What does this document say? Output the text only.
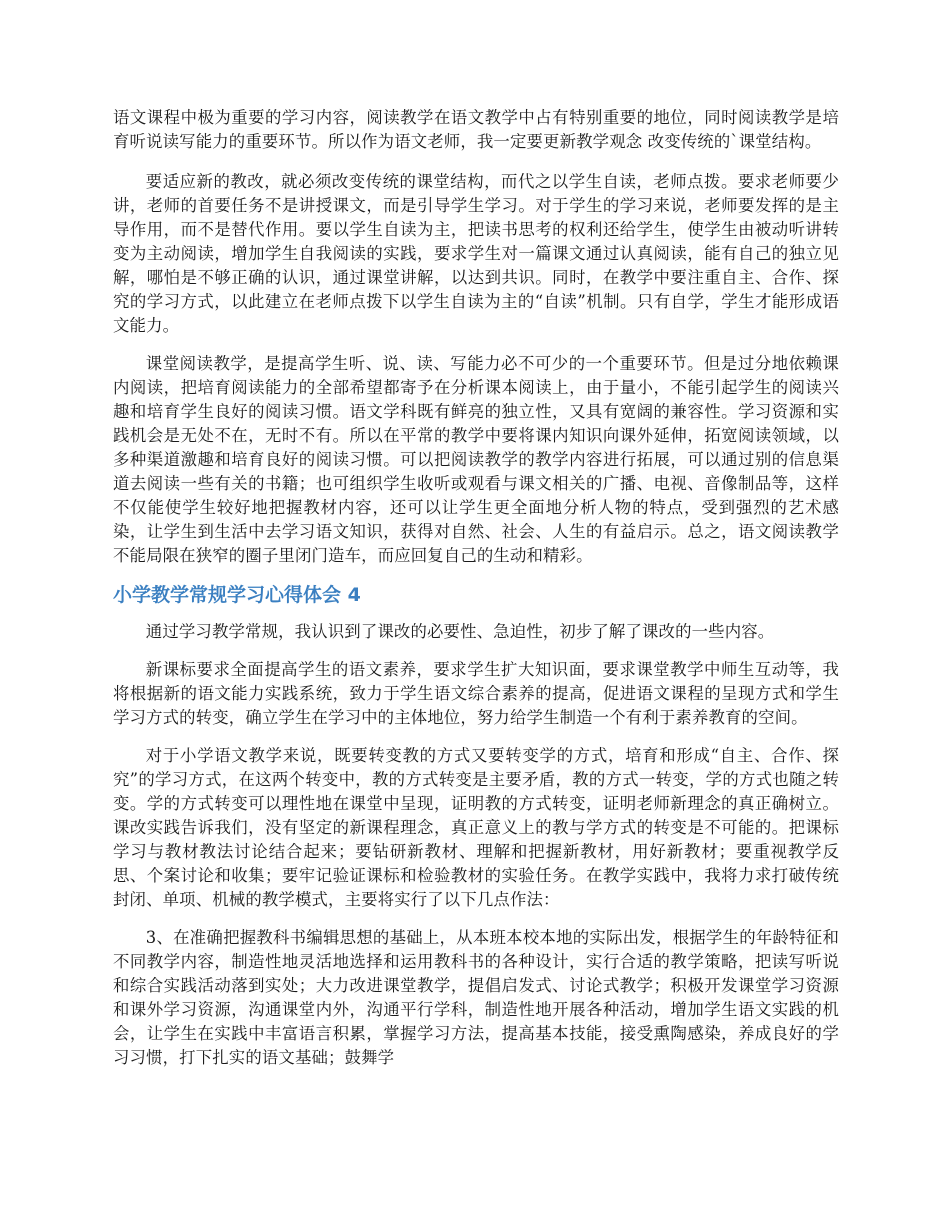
语文课程中极为重要的学习内容，阅读教学在语文教学中占有特别重要的地位，同时阅读教学是培育听说读写能力的重要环节。所以作为语文老师，我一定要更新教学观念 改变传统的`课堂结构。

要适应新的教改，就必须改变传统的课堂结构，而代之以学生自读，老师点拨。要求老师要少讲，老师的首要任务不是讲授课文，而是引导学生学习。对于学生的学习来说，老师要发挥的是主导作用，而不是替代作用。要以学生自读为主，把读书思考的权利还给学生，使学生由被动听讲转变为主动阅读，增加学生自我阅读的实践，要求学生对一篇课文通过认真阅读，能有自己的独立见解，哪怕是不够正确的认识，通过课堂讲解，以达到共识。同时，在教学中要注重自主、合作、探究的学习方式，以此建立在老师点拨下以学生自读为主的“自读”机制。只有自学，学生才能形成语文能力。

课堂阅读教学，是提高学生听、说、读、写能力必不可少的一个重要环节。但是过分地依赖课内阅读，把培育阅读能力的全部希望都寄予在分析课本阅读上，由于量小，不能引起学生的阅读兴趣和培育学生良好的阅读习惯。语文学科既有鲜亮的独立性，又具有宽阔的兼容性。学习资源和实践机会是无处不在，无时不有。所以在平常的教学中要将课内知识向课外延伸，拓宽阅读领域，以多种渠道激趣和培育良好的阅读习惯。可以把阅读教学的教学内容进行拓展，可以通过别的信息渠道去阅读一些有关的书籍；也可组织学生收听或观看与课文相关的广播、电视、音像制品等，这样不仅能使学生较好地把握教材内容，还可以让学生更全面地分析人物的特点，受到强烈的艺术感染，让学生到生活中去学习语文知识，获得对自然、社会、人生的有益启示。总之，语文阅读教学不能局限在狭窄的圈子里闭门造车，而应回复自己的生动和精彩。

小学教学常规学习心得体会 4

通过学习教学常规，我认识到了课改的必要性、急迫性，初步了解了课改的一些内容。

新课标要求全面提高学生的语文素养，要求学生扩大知识面，要求课堂教学中师生互动等，我将根据新的语文能力实践系统，致力于学生语文综合素养的提高，促进语文课程的呈现方式和学生学习方式的转变，确立学生在学习中的主体地位，努力给学生制造一个有利于素养教育的空间。

对于小学语文教学来说，既要转变教的方式又要转变学的方式，培育和形成“自主、合作、探究”的学习方式，在这两个转变中，教的方式转变是主要矛盾，教的方式一转变，学的方式也随之转变。学的方式转变可以理性地在课堂中呈现，证明教的方式转变，证明老师新理念的真正确树立。课改实践告诉我们，没有坚定的新课程理念，真正意义上的教与学方式的转变是不可能的。把课标学习与教材教法讨论结合起来；要钻研新教材、理解和把握新教材，用好新教材；要重视教学反思、个案讨论和收集；要牢记验证课标和检验教材的实验任务。在教学实践中，我将力求打破传统封闭、单项、机械的教学模式，主要将实行了以下几点作法：

3、在准确把握教科书编辑思想的基础上，从本班本校本地的实际出发，根据学生的年龄特征和不同教学内容，制造性地灵活地选择和运用教科书的各种设计，实行合适的教学策略，把读写听说和综合实践活动落到实处；大力改进课堂教学，提倡启发式、讨论式教学；积极开发课堂学习资源和课外学习资源，沟通课堂内外，沟通平行学科，制造性地开展各种活动，增加学生语文实践的机会，让学生在实践中丰富语言积累，掌握学习方法，提高基本技能，接受熏陶感染，养成良好的学习习惯，打下扎实的语文基础；鼓舞学
